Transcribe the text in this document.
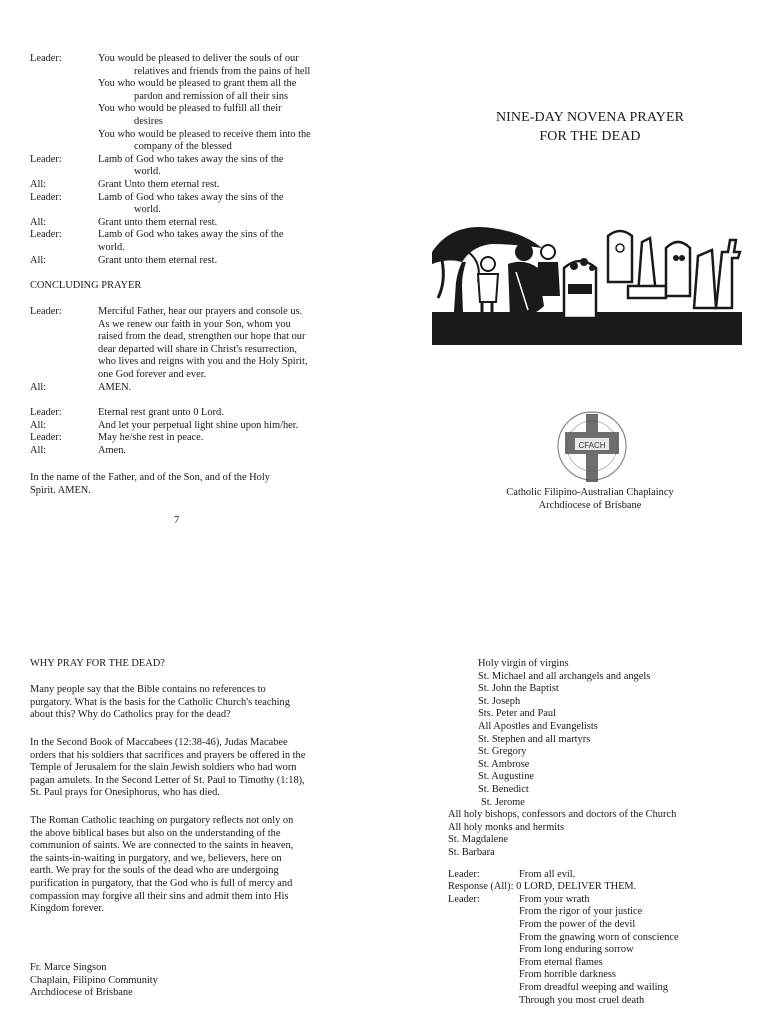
Leader:	You would be pleased to deliver the souls of our
relatives and friends from the pains of hell
You who would be pleased to grant them all the
pardon and remission of all their sins
You who would be pleased to fulfill all their
desires
You who would be pleased to receive them into the
company of the blessed
Leader:	Lamb of God who takes away the sins of the
world.
All:	Grant Unto them eternal rest.
Leader:	Lamb of God who takes away the sins of the
world.
All:	Grant unto them eternal rest.
Leader:	Lamb of God who takes away the sins of the
world.
All:	Grant unto them eternal rest.
CONCLUDING PRAYER
Leader:	Merciful Father, hear our prayers and console us.
As we renew our faith in your Son, whom you
raised from the dead, strengthen our hope that our
dear departed will share in Christ's resurrection,
who lives and reigns with you and the Holy Spirit,
one God forever and ever.
All:	AMEN.
Leader:	Eternal rest grant unto 0 Lord.
All:	And let your perpetual light shine upon him/her.
Leader:	May he/she rest in peace.
All:	Amen.
In the name of the Father, and of the Son, and of the Holy
Spirit. AMEN.
7
NINE-DAY NOVENA PRAYER
FOR THE DEAD
CFACH
Catholic Filipino-Australian Chaplaincy
Archdiocese of Brisbane
WHY PRAY FOR THE DEAD?
Many people say that the Bible contains no references to
purgatory. What is the basis for the Catholic Church's teaching
about this? Why do Catholics pray for the dead?
In the Second Book of Maccabees (12:38-46), Judas Macabee
orders that his soldiers that sacrifices and prayers be offered in the
Temple of Jerusalem for the slain Jewish soldiers who had worn
pagan amulets. In the Second Letter of St. Paul to Timothy (1:18),
St. Paul prays for Onesiphorus, who has died.
The Roman Catholic teaching on purgatory reflects not only on
the above biblical bases but also on the understanding of the
communion of saints. We are connected to the saints in heaven,
the saints-in-waiting in purgatory, and we, believers, here on
earth. We pray for the souls of the dead who are undergoing
purification in purgatory, that the God who is full of mercy and
compassion may forgive all their sins and admit them into His
Kingdom forever.
Fr. Marce Singson
Chaplain, Filipino Community
Archdiocese of Brisbane
Holy virgin of virgins
St. Michael and all archangels and angels
St. John the Baptist
St. Joseph
Sts. Peter and Paul
All Apostles and Evangelists
St. Stephen and all martyrs
St. Gregory
St. Ambrose
St. Augustine
St. Benedict
St. Jerome
All holy bishops, confessors and doctors of the Church
All holy monks and hermits
St. Magdalene
St. Barbara
Leader:	From all evil.
Response (All): 0 LORD, DELIVER THEM.
Leader:	From your wrath
From the rigor of your justice
From the power of the devil
From the gnawing worn of conscience
From long enduring sorrow
From eternal flames
From horrible darkness
From dreadful weeping and wailing
Through you most cruel death
